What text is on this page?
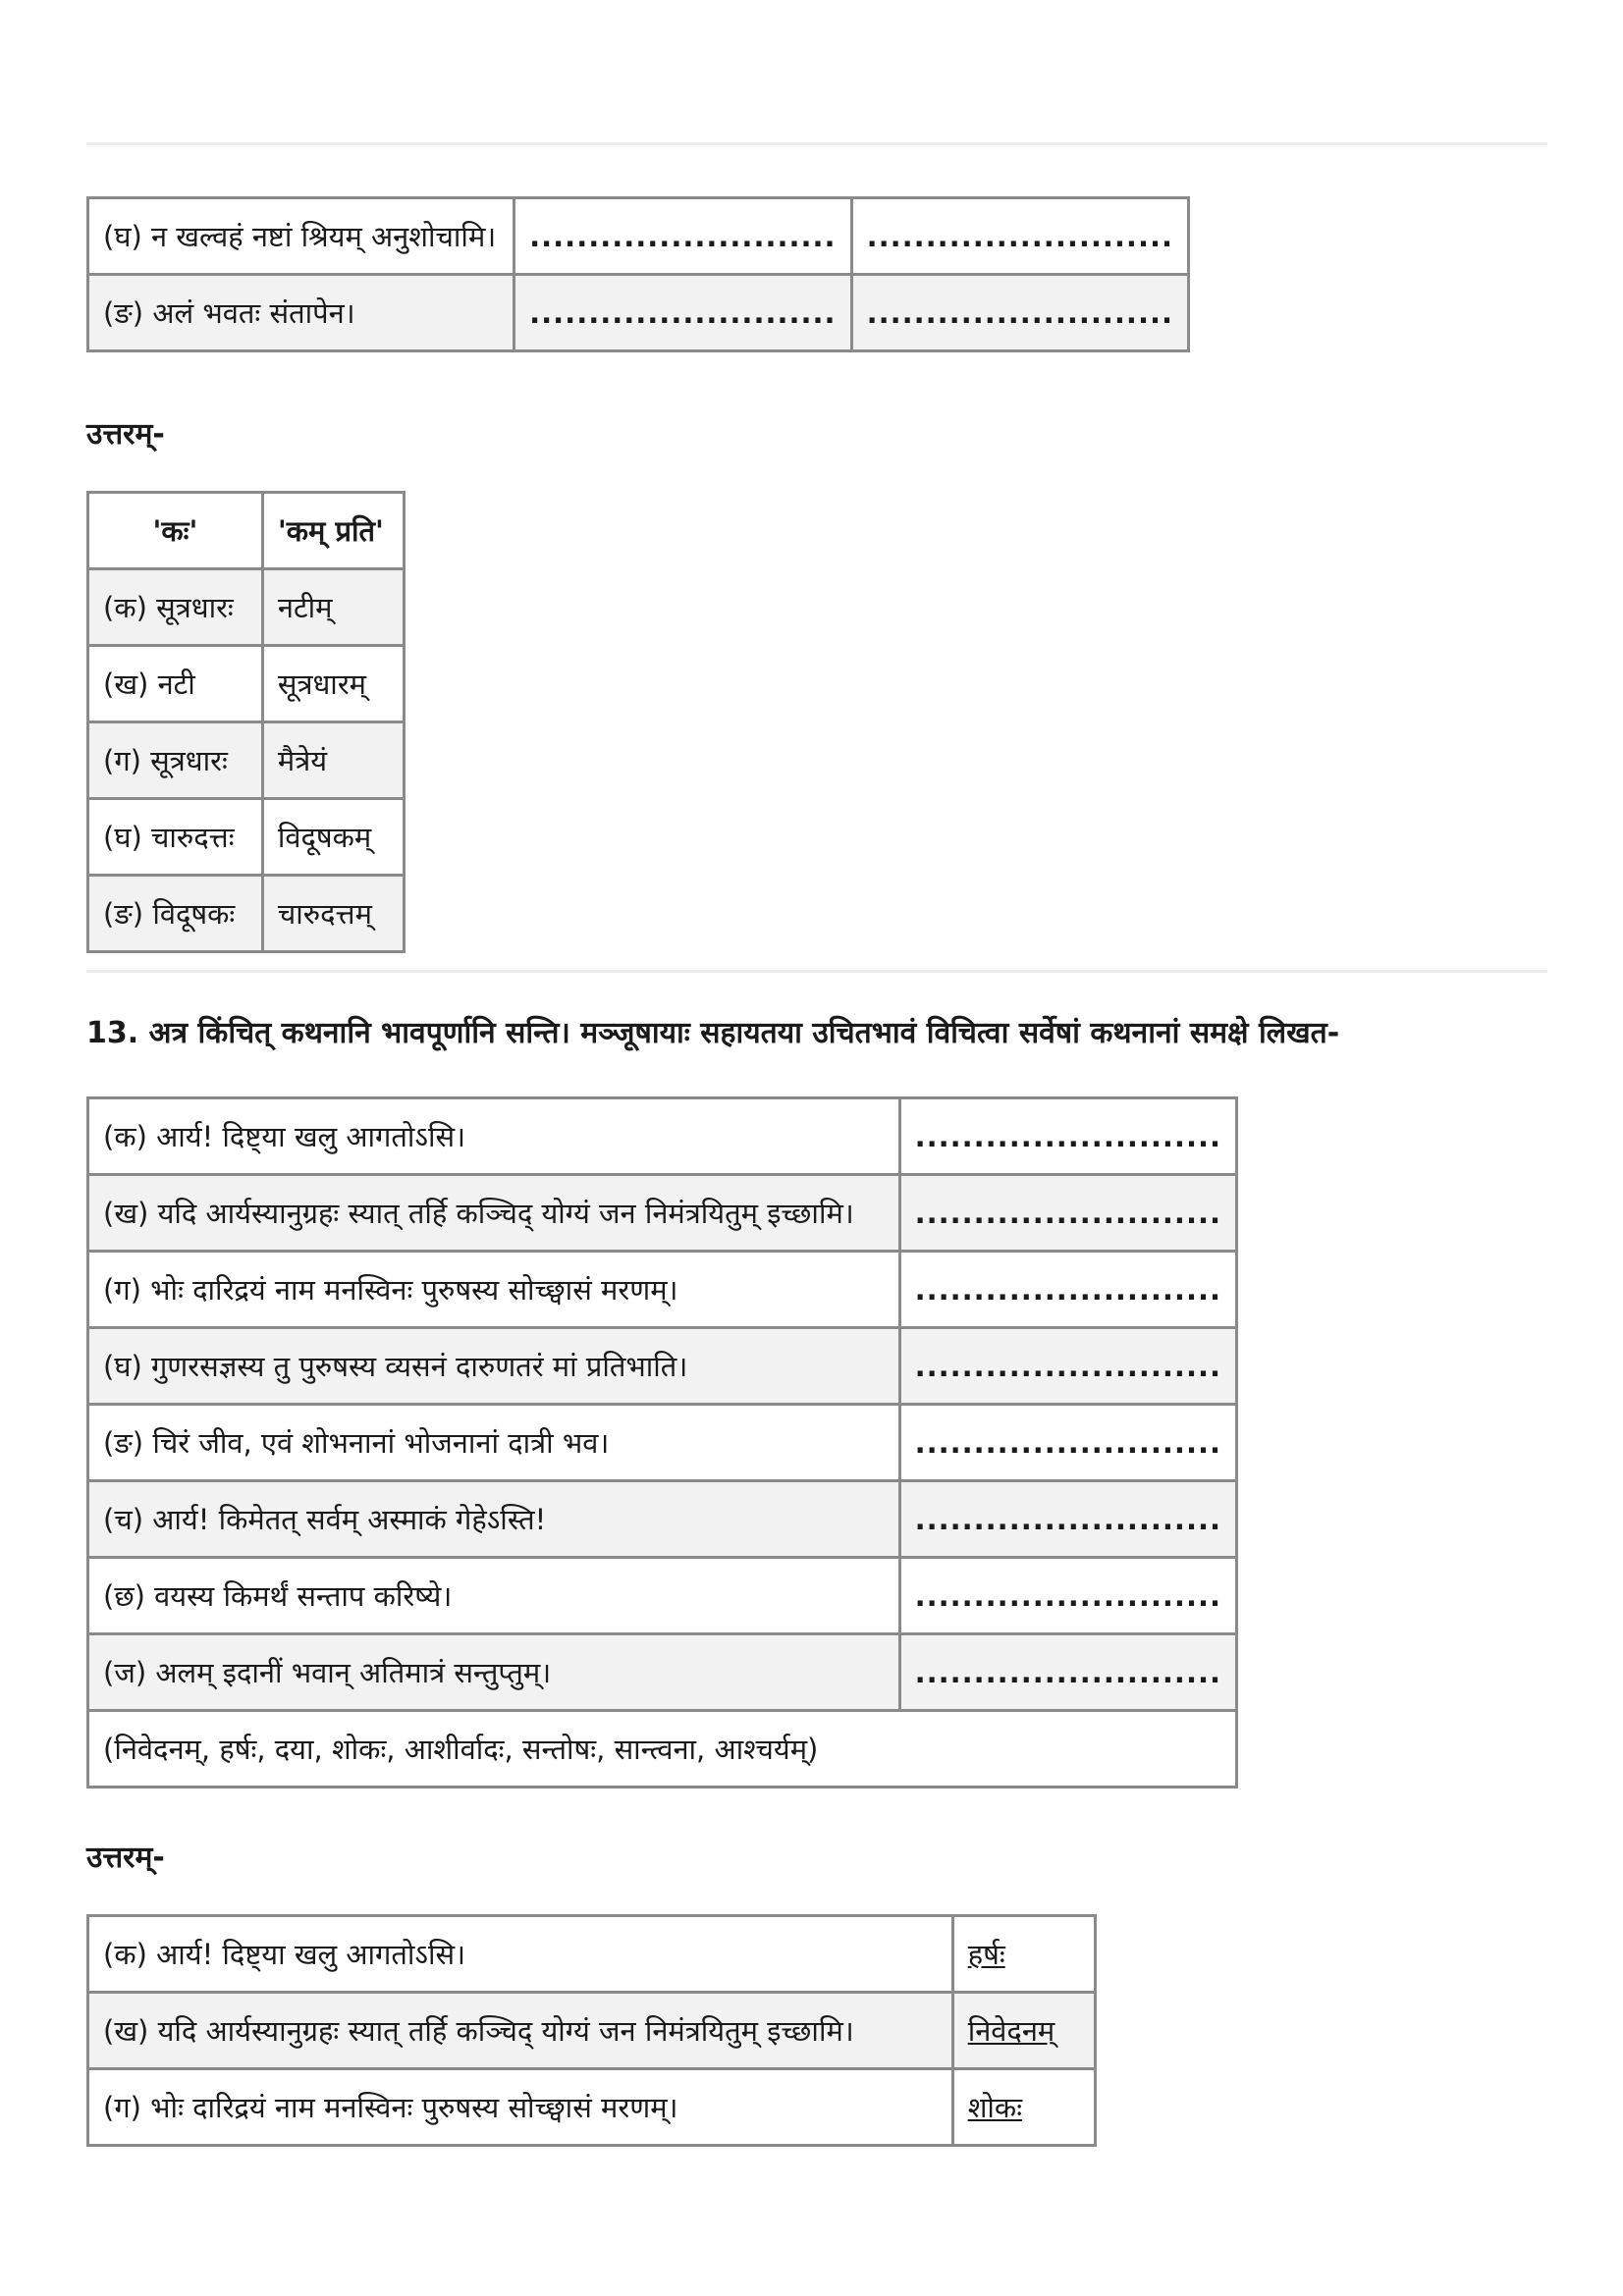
(घ) न खल्वहं नष्टां श्रियम् अनुशोचामि।	..........................	..........................
(ङ) अलं भवतः संतापेन।	..........................	..........................
उत्तरम्-
'कः'	'कम् प्रति'
(क) सूत्रधारः	नटीम्
(ख) नटी	सूत्रधारम्
(ग) सूत्रधारः	मैत्रेयं
(घ) चारुदत्तः	विदूषकम्
(ङ) विदूषकः	चारुदत्तम्
13. अत्र किंचित् कथनानि भावपूर्णानि सन्ति। मञ्जूषायाः सहायतया उचितभावं विचित्वा सर्वेषां कथनानां समक्षे लिखत-
(क) आर्य! दिष्ट्या खलु आगतोऽसि।	..........................
(ख) यदि आर्यस्यानुग्रहः स्यात् तर्हि कञ्चिद् योग्यं जन निमंत्रयितुम् इच्छामि।	..........................
(ग) भोः दारिद्रयं नाम मनस्विनः पुरुषस्य सोच्छ्वासं मरणम्।	..........................
(घ) गुणरसज्ञस्य तु पुरुषस्य व्यसनं दारुणतरं मां प्रतिभाति।	..........................
(ङ) चिरं जीव, एवं शोभनानां भोजनानां दात्री भव।	..........................
(च) आर्य! किमेतत् सर्वम् अस्माकं गेहेऽस्ति!	..........................
(छ) वयस्य किमर्थं सन्ताप करिष्ये।	..........................
(ज) अलम् इदानीं भवान् अतिमात्रं सन्तुप्तुम्।	..........................
(निवेदनम्, हर्षः, दया, शोकः, आशीर्वादः, सन्तोषः, सान्त्वना, आश्चर्यम्)	
उत्तरम्-
(क) आर्य! दिष्ट्या खलु आगतोऽसि।	हर्षः
(ख) यदि आर्यस्यानुग्रहः स्यात् तर्हि कञ्चिद् योग्यं जन निमंत्रयितुम् इच्छामि।	निवेदनम्
(ग) भोः दारिद्रयं नाम मनस्विनः पुरुषस्य सोच्छ्वासं मरणम्।	शोकः
